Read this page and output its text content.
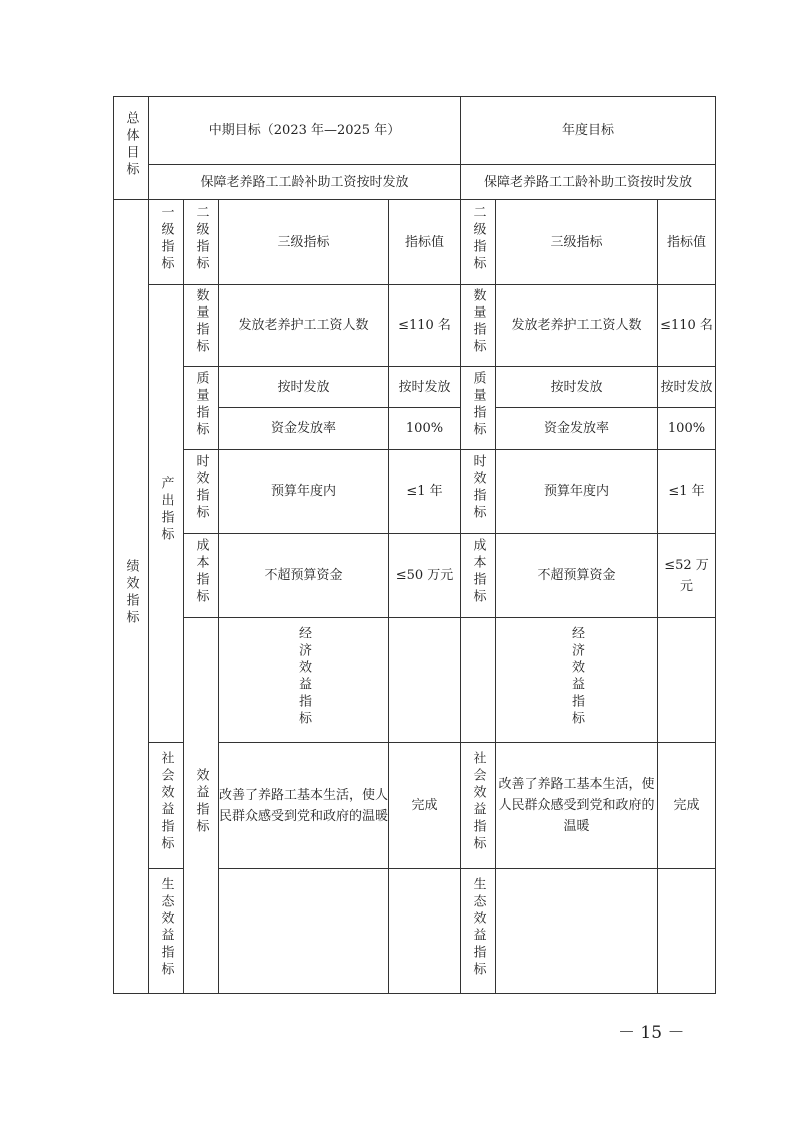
总体目标	中期目标（2023 年—2025 年）				年度目标			
	保障老养路工工龄补助工资按时发放				保障老养路工工龄补助工资按时发放			
绩效指标	一级指标	二级指标	三级指标	指标值	二级指标	三级指标	指标值	
	产出指标	数量指标	发放老养护工工资人数	≤110 名	数量指标	发放老养护工工资人数	≤110 名	
		质量指标	按时发放	按时发放	质量指标	按时发放	按时发放	
			资金发放率	100%		资金发放率	100%	
		时效指标	预算年度内	≤1 年	时效指标	预算年度内	≤1 年	
		成本指标	不超预算资金	≤50 万元	成本指标	不超预算资金	≤52 万元	
		效益指标	经济效益指标			经济效益指标		
	社会效益指标		改善了养路工基本生活，使人民群众感受到党和政府的温暖	完成	社会效益指标	改善了养路工基本生活，使人民群众感受到党和政府的温暖	完成	
	生态效益指标				生态效益指标			
－ 15 －
